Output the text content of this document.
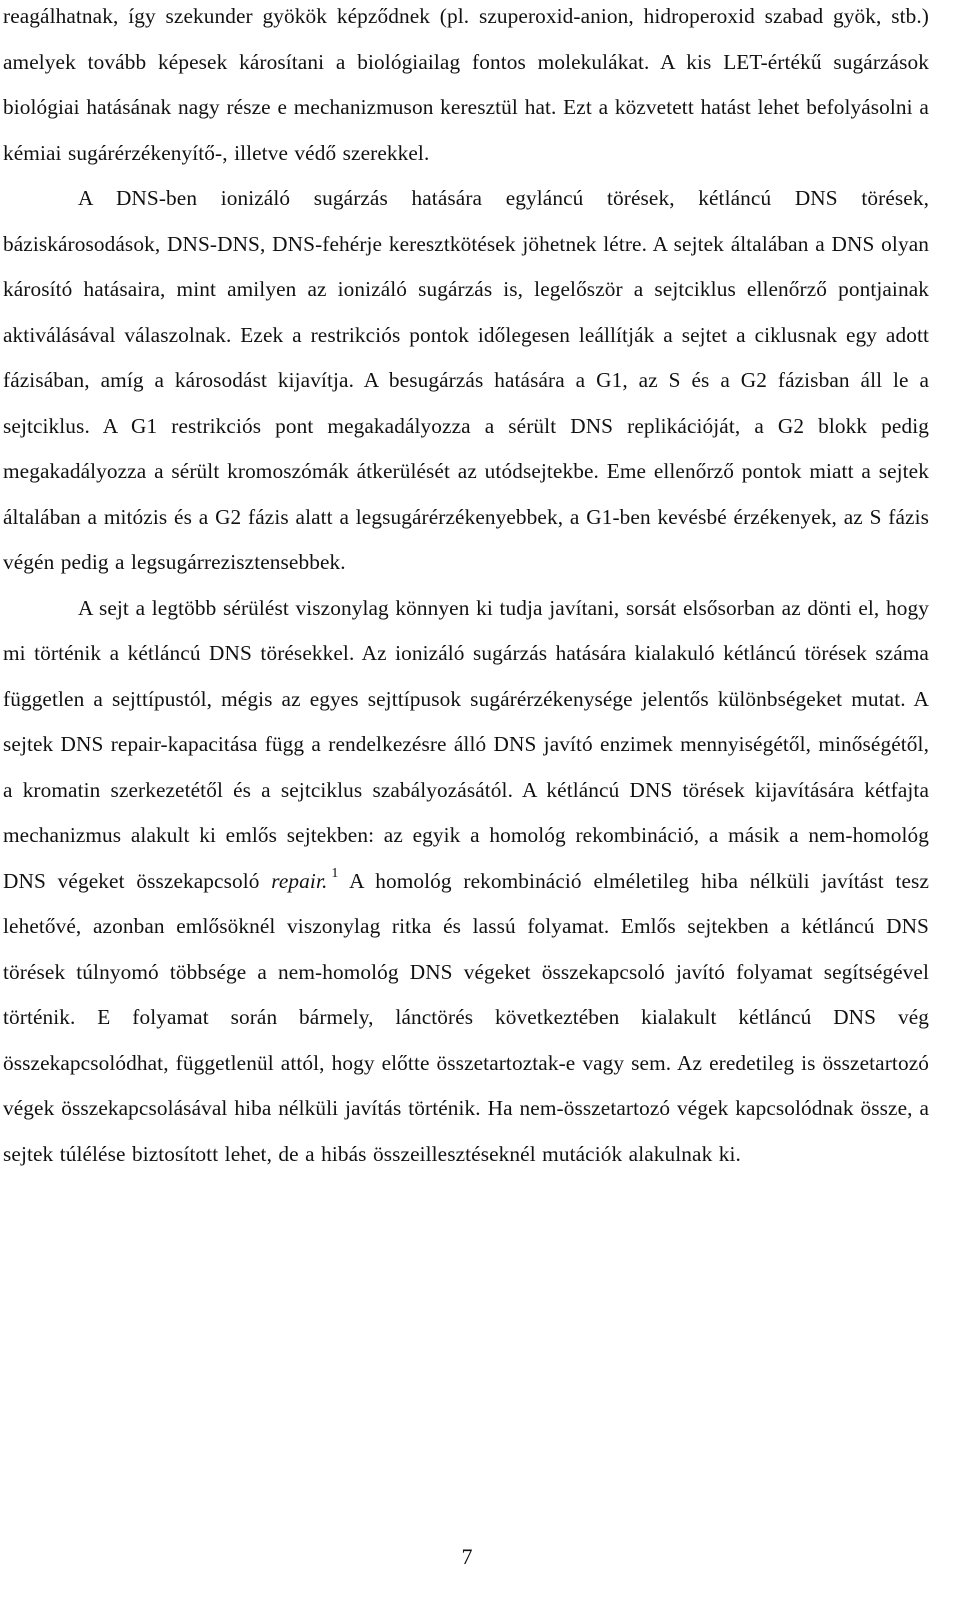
reagálhatnak, így szekunder gyökök képződnek (pl. szuperoxid-anion, hidroperoxid szabad gyök, stb.) amelyek tovább képesek károsítani a biológiailag fontos molekulákat. A kis LET-értékű sugárzások biológiai hatásának nagy része e mechanizmuson keresztül hat. Ezt a közvetett hatást lehet befolyásolni a kémiai sugárérzékenyítő-, illetve védő szerekkel.

A DNS-ben ionizáló sugárzás hatására egyláncú törések, kétláncú DNS törések, báziskárosodások, DNS-DNS, DNS-fehérje keresztkötések jöhetnek létre. A sejtek általában a DNS olyan károsító hatásaira, mint amilyen az ionizáló sugárzás is, legelőször a sejtciklus ellenőrző pontjainak aktiválásával válaszolnak. Ezek a restrikciós pontok időlegesen leállítják a sejtet a ciklusnak egy adott fázisában, amíg a károsodást kijavítja. A besugárzás hatására a G1, az S és a G2 fázisban áll le a sejtciklus. A G1 restrikciós pont megakadályozza a sérült DNS replikációját, a G2 blokk pedig megakadályozza a sérült kromoszómák átkerülését az utódsejtekbe. Eme ellenőrző pontok miatt a sejtek általában a mitózis és a G2 fázis alatt a legsugárérzékenyebbek, a G1-ben kevésbé érzékenyek, az S fázis végén pedig a legsugárrezisztensebbek.

A sejt a legtöbb sérülést viszonylag könnyen ki tudja javítani, sorsát elsősorban az dönti el, hogy mi történik a kétláncú DNS törésekkel. Az ionizáló sugárzás hatására kialakuló kétláncú törések száma független a sejttípustól, mégis az egyes sejttípusok sugárérzékenysége jelentős különbségeket mutat. A sejtek DNS repair-kapacitása függ a rendelkezésre álló DNS javító enzimek mennyiségétől, minőségétől, a kromatin szerkezetétől és a sejtciklus szabályozásától. A kétláncú DNS törések kijavítására kétfajta mechanizmus alakult ki emlős sejtekben: az egyik a homológ rekombináció, a másik a nem-homológ DNS végeket összekapcsoló repair. $^1$ A homológ rekombináció elméletileg hiba nélküli javítást tesz lehetővé, azonban emlősöknél viszonylag ritka és lassú folyamat. Emlős sejtekben a kétláncú DNS törések túlnyomó többsége a nem-homológ DNS végeket összekapcsoló javító folyamat segítségével történik. E folyamat során bármely, lánctörés következtében kialakult kétláncú DNS vég összekapcsolódhat, függetlenül attól, hogy előtte összetartoztak-e vagy sem. Az eredetileg is összetartozó végek összekapcsolásával hiba nélküli javítás történik. Ha nem-összetartozó végek kapcsolódnak össze, a sejtek túlélése biztosított lehet, de a hibás összeillesztéseknél mutációk alakulnak ki.

7
